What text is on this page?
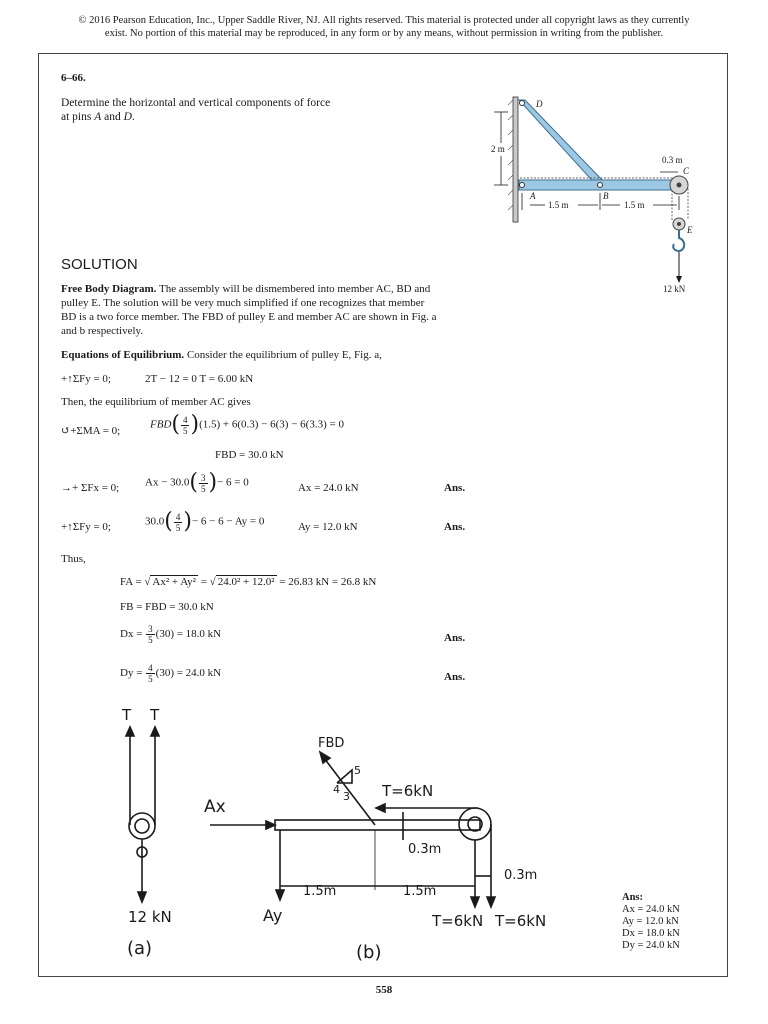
© 2016 Pearson Education, Inc., Upper Saddle River, NJ. All rights reserved. This material is protected under all copyright laws as they currently
exist. No portion of this material may be reproduced, in any form or by any means, without permission in writing from the publisher.
6–66.
Determine the horizontal and vertical components of force
at pins A and D.
D
C
A	B
E
2 m
0.3 m
1.5 m	1.5 m
12 kN
SOLUTION
Free Body Diagram. The assembly will be dismembered into member AC, BD and
pulley E. The solution will be very much simplified if one recognizes that member
BD is a two force member. The FBD of pulley E and member AC are shown in Fig. a
and b respectively.
Equations of Equilibrium. Consider the equilibrium of pulley E, Fig. a,
+↑ΣFy = 0;	2T − 12 = 0 T = 6.00 kN
Then, the equilibrium of member AC gives
↺+ΣMA = 0;
$FBD( \frac{4}{5} )(1.5) + 6(0.3) - 6(3) - 6(3.3) = 0$
FBD = 30.0 kN
→+ ΣFx = 0; $Ax - 30.0( \frac{3}{5}$ )− 6 = 0	Ax = 24.0 kN	Ans.
+↑ΣFy = 0;	$30.0( \frac{4}{5}$ )− 6 − 6 − Ay = 0	Ay = 12.0 kN	Ans.
Thus,
FA = √ Ax² + Ay² = √ 24.0² + 12.0² = 26.83 kN = 26.8 kN
FB = FBD = 30.0 kN
$Dx = \frac{3}{5} (30) = 18.0$ kN	Ans.
$Dy = \frac{4}{5} (30) = 24.0$ kN	Ans.
T T
12 kN
(a)
FBD
4
5
3 T=6kN
Ax
Ay
0.3m
0.3m
1.5m	1.5m
T=6kN T=6kN
(b)
Ans:
Ax = 24.0 kN
Ay = 12.0 kN
Dx = 18.0 kN
Dy = 24.0 kN
558
